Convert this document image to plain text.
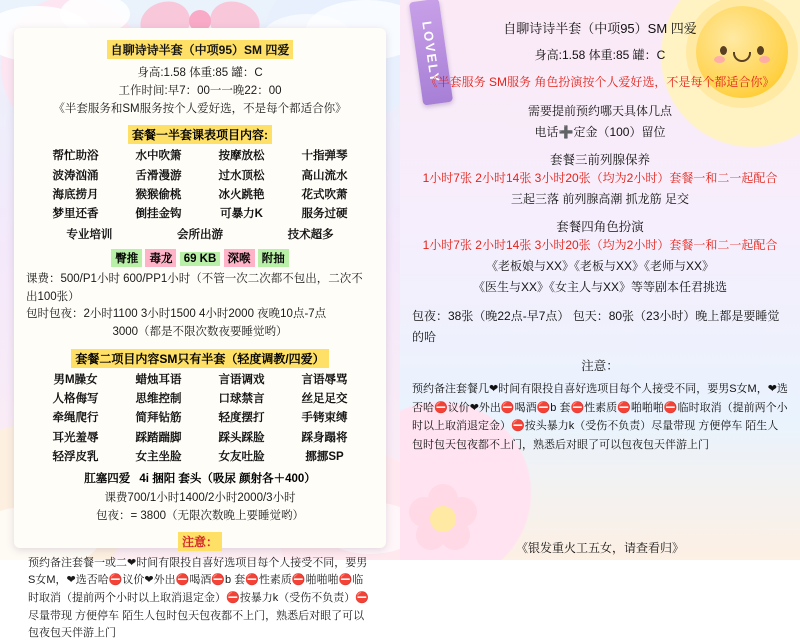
自聊诗诗半套（中项95）SM 四爱
身高:1.58 体重:85 罐：C
工作时间:早7：00一一晚22：00
《半套服务和SM服务按个人爱好选，不是每个都适合你》
套餐一半套课表项目内容:
帮忙助浴	水中吹箫	按摩放松	十指弹琴
波涛汹涌	舌滑漫游	过水顶松	高山流水
海底捞月	猴猴偷桃	冰火跳艳	花式吹萧
梦里还香	倒挂金钩	可暴力K	服务过硬
专业培训	会所出游	技术超多
臀推 毒龙 69 KB 深喉 附抽
课费：500/P1小时 600/PP1小时（不管一次二次都不包出，二次不出100张）
包时包夜：2小时1100 3小时1500 4小时2000 夜晚10点-7点
3000（都是不限次数夜要睡觉哟）
套餐二项目内容SM只有半套（轻度调教/四爱）
男M臊女	蜡烛耳语	言语调戏	言语辱骂
人格侮写	思维控制	口球禁言	丝足足交
牵绳爬行	简拜钻筋	轻度摆打	手铐束缚
耳光羞辱	踩踏踹脚	踩头踩脸	踩身蹋将
轻浮皮乳	女主坐脸	女友吐脸	挪挪SP
肛塞四爱 4i 捆阳 套头（吸尿 颜射各＋400）
课费700/1小时1400/2小时2000/3小时
包夜：= 3800（无限次数晚上要睡觉哟）
注意：
预约备注套餐一或二❤时间有限投自喜好选项目每个人接受不同，要男S女M，❤选否哈⛔议价❤外出⛔喝酒⛔b 套⛔性素质⛔啪啪啪⛔临时取消（提前两个小时以上取消退定金）⛔按暴力k（受伤不负责）⛔尽量带现 方便停车 陌生人包时包天包夜都不上门，熟悉后对眼了可以包夜包天伴游上门
LOVELY	自聊诗诗半套（中项95）SM 四爱
身高:1.58 体重:85 罐：C
《半套服务 SM服务 角色扮演按个人爱好选，不是每个都适合你》
需要提前预约哪天具体几点
电话➕定金（100）留位
套餐三前列腺保养
1小时7张 2小时14张 3小时20张（均为2小时）套餐一和二一起配合
三起三落 前列腺高潮 抓龙筋 足交
套餐四角色扮演
1小时7张 2小时14张 3小时20张（均为2小时）套餐一和二一起配合
《老板娘与XX》《老板与XX》《老师与XX》
《医生与XX》《女主人与XX》等等剧本任君挑选
包夜：38张（晚22点-早7点） 包天：80张（23小时）晚上都是要睡觉的哈
注意：
预约备注套餐几❤时间有限投自喜好选项目每个人接受不同，要男S女M，❤选否哈⛔议价❤外出⛔喝酒⛔b 套⛔性素质⛔啪啪啪⛔临时取消（提前两个小时以上取消退定金）⛔按头暴力k（受伤不负责）尽量带现 方便停车 陌生人包时包天包夜都不上门，熟悉后对眼了可以包夜包天伴游上门
《银发重火工五女，请查看归》
